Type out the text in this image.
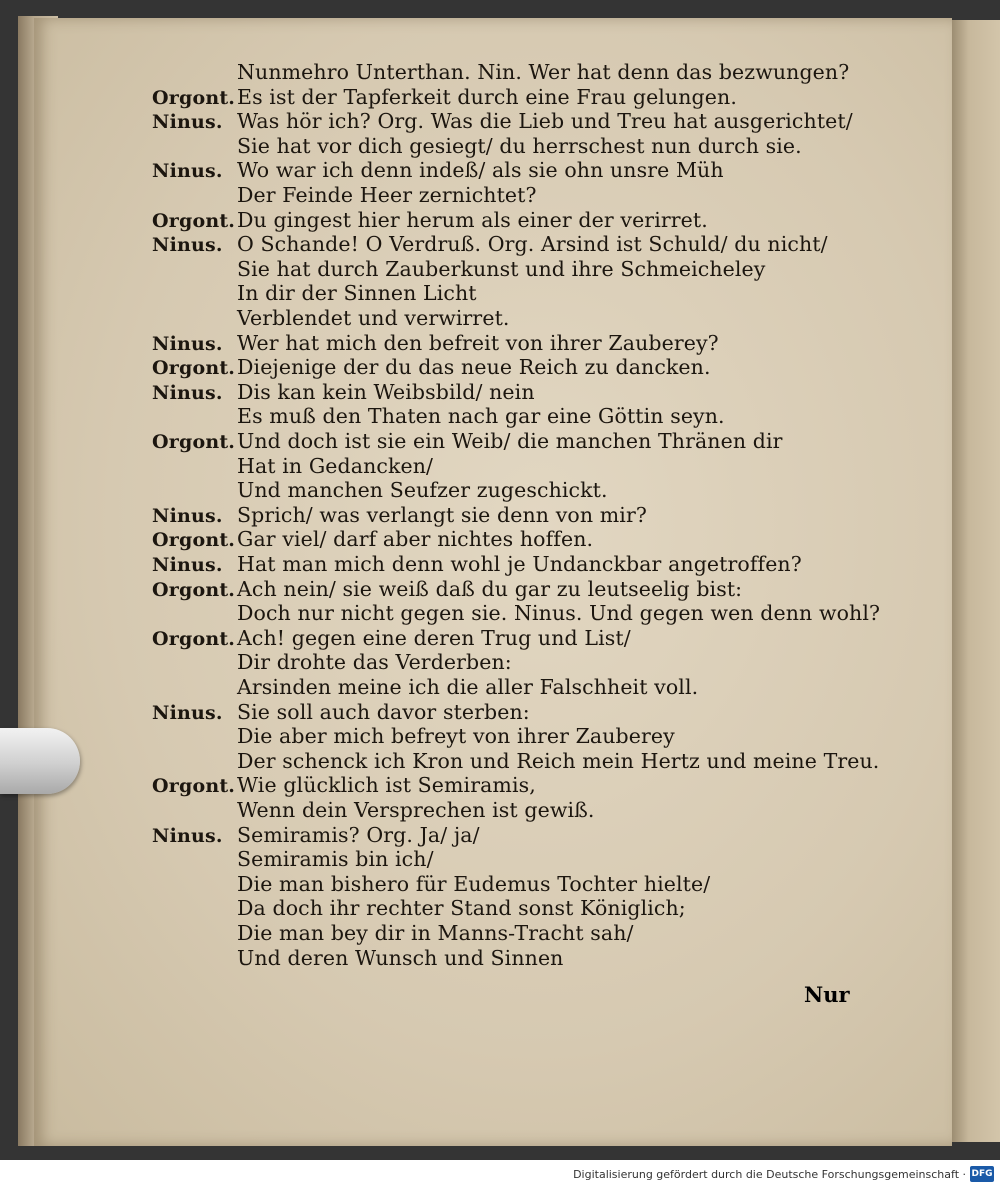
Nunmehro Unterthan. Nin. Wer hat denn das bezwungen?
Orgont. Es ist der Tapferkeit durch eine Frau gelungen.
Ninus. Was hör ich? Org. Was die Lieb und Treu hat ausgerichtet/
Sie hat vor dich gesiegt/ du herrschest nun durch sie.
Ninus. Wo war ich denn indeß/ als sie ohn unsre Müh
Der Feinde Heer zernichtet?
Orgont. Du gingest hier herum als einer der verirret.
Ninus. O Schande! O Verdruß. Org. Arsind ist Schuld/ du nicht/
Sie hat durch Zauberkunst und ihre Schmeicheley
In dir der Sinnen Licht
Verblendet und verwirret.
Ninus. Wer hat mich den befreit von ihrer Zauberey?
Orgont. Diejenige der du das neue Reich zu dancken.
Ninus. Dis kan kein Weibsbild/ nein
Es muß den Thaten nach gar eine Göttin seyn.
Orgont. Und doch ist sie ein Weib/ die manchen Thränen dir
Hat in Gedancken/
Und manchen Seufzer zugeschickt.
Ninus. Sprich/ was verlangt sie denn von mir?
Orgont. Gar viel/ darf aber nichtes hoffen.
Ninus. Hat man mich denn wohl je Undanckbar angetroffen?
Orgont. Ach nein/ sie weiß daß du gar zu leutseelig bist:
Doch nur nicht gegen sie. Ninus. Und gegen wen denn wohl?
Orgont. Ach! gegen eine deren Trug und List/
Dir drohte das Verderben:
Arsinden meine ich die aller Falschheit voll.
Ninus. Sie soll auch davor sterben:
Die aber mich befreyt von ihrer Zauberey
Der schenck ich Kron und Reich mein Hertz und meine Treu.
Orgont. Wie glücklich ist Semiramis,
Wenn dein Versprechen ist gewiß.
Ninus. Semiramis? Org. Ja/ ja/
Semiramis bin ich/
Die man bishero für Eudemus Tochter hielte/
Da doch ihr rechter Stand sonst Königlich;
Die man bey dir in Manns-Tracht sah/
Und deren Wunsch und Sinnen
Nur
Digitalisierung gefördert durch die Deutsche Forschungsgemeinschaft · DFG
